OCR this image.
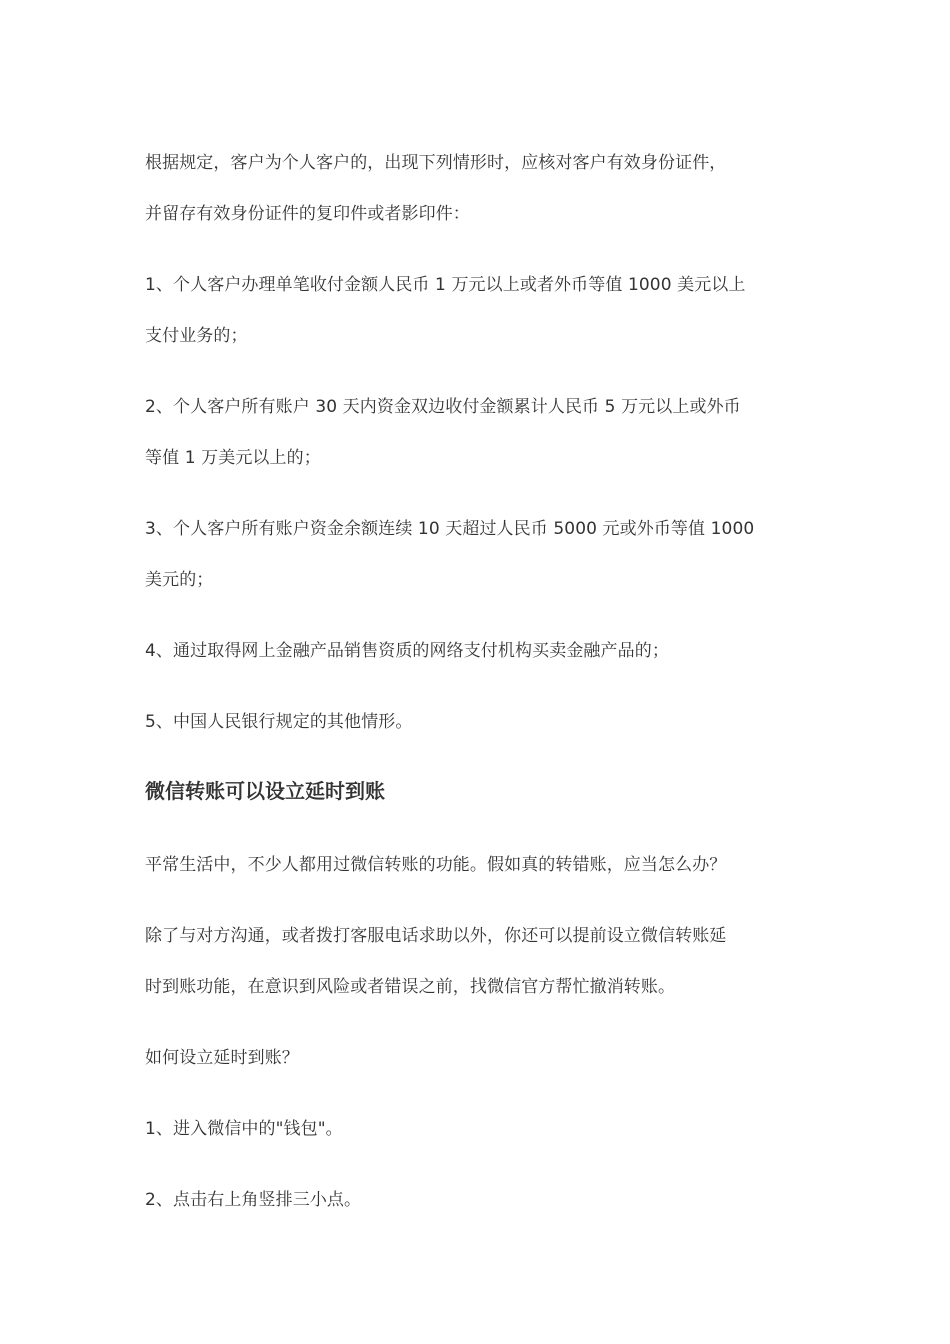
根据规定，客户为个人客户的，出现下列情形时，应核对客户有效身份证件，
并留存有效身份证件的复印件或者影印件：
1、个人客户办理单笔收付金额人民币 1 万元以上或者外币等值 1000 美元以上
支付业务的；
2、个人客户所有账户 30 天内资金双边收付金额累计人民币 5 万元以上或外币
等值 1 万美元以上的；
3、个人客户所有账户资金余额连续 10 天超过人民币 5000 元或外币等值 1000
美元的；
4、通过取得网上金融产品销售资质的网络支付机构买卖金融产品的；
5、中国人民银行规定的其他情形。
微信转账可以设立延时到账
平常生活中，不少人都用过微信转账的功能。假如真的转错账，应当怎么办？
除了与对方沟通，或者拨打客服电话求助以外，你还可以提前设立微信转账延
时到账功能，在意识到风险或者错误之前，找微信官方帮忙撤消转账。
如何设立延时到账？
1、进入微信中的"钱包"。
2、点击右上角竖排三小点。
